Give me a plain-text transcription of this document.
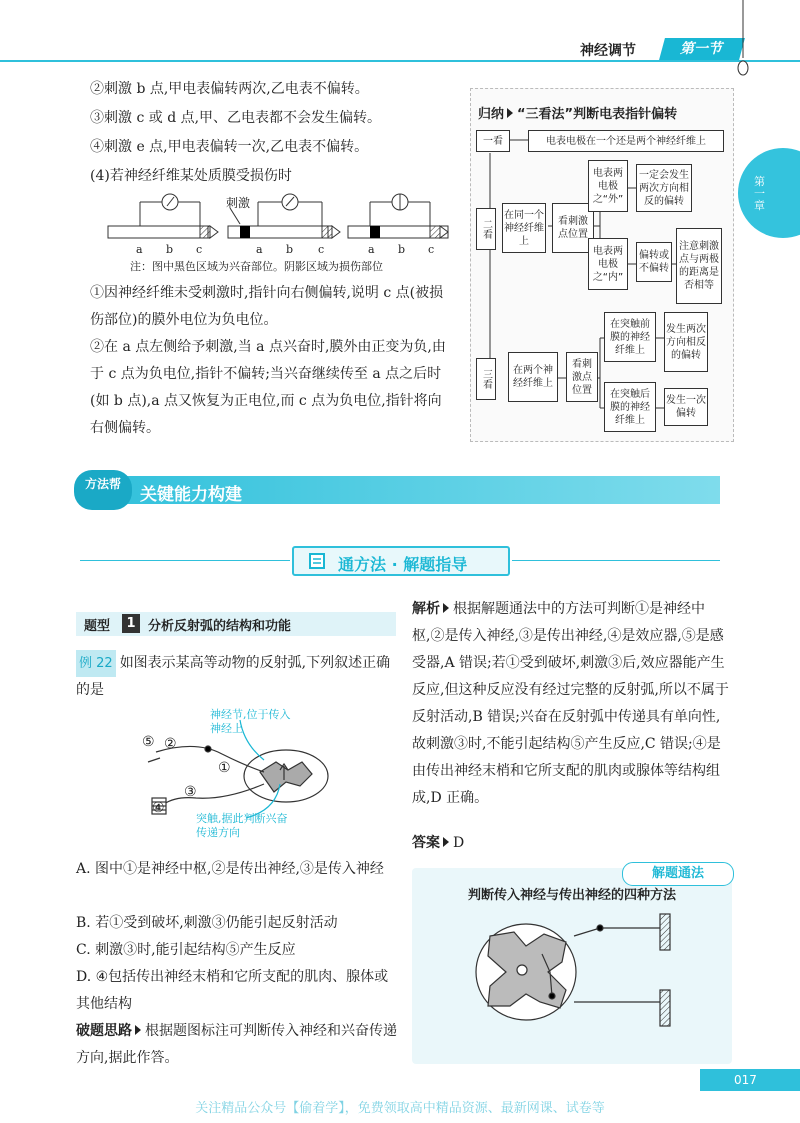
神经调节	第一节
第一章
②刺激 b 点,甲电表偏转两次,乙电表不偏转。
③刺激 c 或 d 点,甲、乙电表都不会发生偏转。
④刺激 e 点,甲电表偏转一次,乙电表不偏转。
(4)若神经纤维某处质膜受损伤时
刺激
a b c	a b c	a b c
注：图中黑色区域为兴奋部位。阴影区域为损伤部位
①因神经纤维未受刺激时,指针向右侧偏转,说明 c 点(被损伤部位)的膜外电位为负电位。
②在 a 点左侧给予刺激,当 a 点兴奋时,膜外由正变为负,由于 c 点为负电位,指针不偏转;当兴奋继续传至 a 点之后时(如 b 点),a 点又恢复为正电位,而 c 点为负电位,指针将向右侧偏转。
归纳 “三看法”判断电表指针偏转
一看	电表电极在一个还是两个神经纤维上
二看
在同一个神经纤维上
看刺激点位置
电表两电极之“外”
电表两电极之“内”
一定会发生两次方向相反的偏转
偏转或不偏转
注意刺激点与两极的距离是否相等
三看	在两个神经纤维上
看刺激点位置
在突触前膜的神经纤维上
在突触后膜的神经纤维上
发生两次方向相反的偏转
发生一次偏转
方法帮
关键能力构建
通方法 · 解题指导
题型	1 分析反射弧的结构和功能
例 22 如图表示某高等动物的反射弧,下列叙述正确的是
⑤ ②
①
③
④
神经节,位于传入神经上
突触,据此判断兴奋传递方向
A. 图中①是神经中枢,②是传出神经,③是传入神经
B. 若①受到破坏,刺激③仍能引起反射活动
C. 刺激③时,能引起结构⑤产生反应
D. ④包括传出神经末梢和它所支配的肌肉、腺体或其他结构
破题思路 根据题图标注可判断传入神经和兴奋传递方向,据此作答。
解析 根据解题通法中的方法可判断①是神经中枢,②是传入神经,③是传出神经,④是效应器,⑤是感受器,A 错误;若①受到破坏,刺激③后,效应器能产生反应,但这种反应没有经过完整的反射弧,所以不属于反射活动,B 错误;兴奋在反射弧中传递具有单向性,故刺激③时,不能引起结构⑤产生反应,C 错误;④是由传出神经末梢和它所支配的肌肉或腺体等结构组成,D 正确。
答案 D
解题通法
判断传入神经与传出神经的四种方法
017
关注精品公众号【偷着学】，免费领取高中精品资源、最新网课、试卷等
